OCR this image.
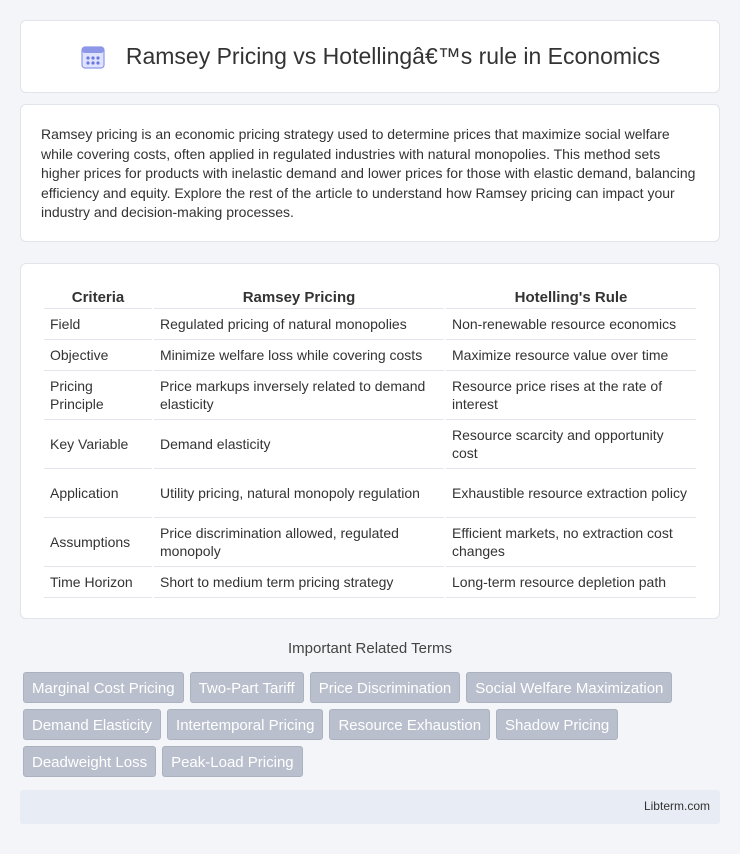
Ramsey Pricing vs Hotellingâ€™s rule in Economics

Ramsey pricing is an economic pricing strategy used to determine prices that maximize social welfare while covering costs, often applied in regulated industries with natural monopolies. This method sets higher prices for products with inelastic demand and lower prices for those with elastic demand, balancing efficiency and equity. Explore the rest of the article to understand how Ramsey pricing can impact your industry and decision-making processes.

Criteria	Ramsey Pricing	Hotelling's Rule
Field	Regulated pricing of natural monopolies	Non-renewable resource economics
Objective	Minimize welfare loss while covering costs	Maximize resource value over time
Pricing Principle	Price markups inversely related to demand elasticity	Resource price rises at the rate of interest
Key Variable	Demand elasticity	Resource scarcity and opportunity cost
Application	Utility pricing, natural monopoly regulation	Exhaustible resource extraction policy
Assumptions	Price discrimination allowed, regulated monopoly	Efficient markets, no extraction cost changes
Time Horizon	Short to medium term pricing strategy	Long-term resource depletion path
Important Related Terms
Marginal Cost Pricing	Two-Part Tariff	Price Discrimination	Social Welfare Maximization
Demand Elasticity	Intertemporal Pricing	Resource Exhaustion	Shadow Pricing
Deadweight Loss	Peak-Load Pricing
Libterm.com
